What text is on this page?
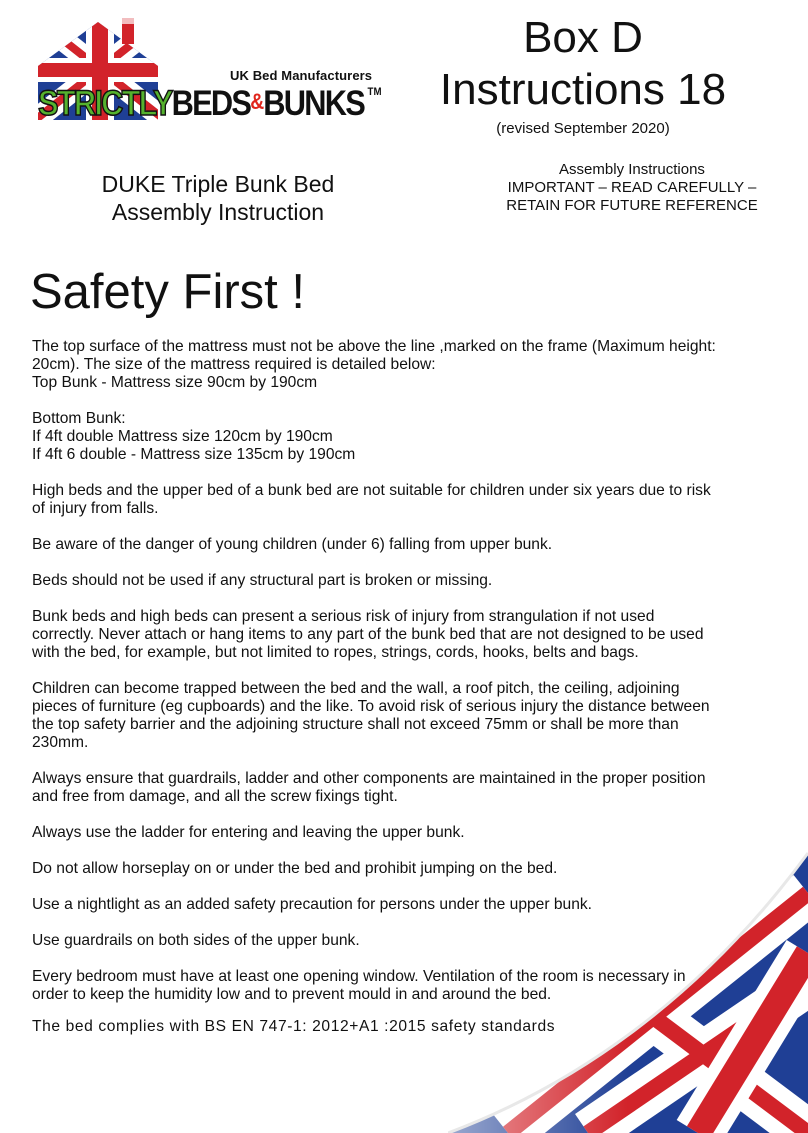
UK Bed Manufacturers
STRICTLYBEDS&BUNKS ™
Box D
Instructions 18
(revised September 2020)
Assembly Instructions
IMPORTANT – READ CAREFULLY –
RETAIN FOR FUTURE REFERENCE
DUKE Triple Bunk Bed
Assembly Instruction
Safety First !

The top surface of the mattress must not be above the line ,marked on the frame (Maximum height:
20cm). The size of the mattress required is detailed below:
Top Bunk - Mattress size 90cm by 190cm

Bottom Bunk:
If 4ft double Mattress size 120cm by 190cm
If 4ft 6 double - Mattress size 135cm by 190cm

High beds and the upper bed of a bunk bed are not suitable for children under six years due to risk
of injury from falls.

Be aware of the danger of young children (under 6) falling from upper bunk.

Beds should not be used if any structural part is broken or missing.

Bunk beds and high beds can present a serious risk of injury from strangulation if not used
correctly. Never attach or hang items to any part of the bunk bed that are not designed to be used
with the bed, for example, but not limited to ropes, strings, cords, hooks, belts and bags.

Children can become trapped between the bed and the wall, a roof pitch, the ceiling, adjoining
pieces of furniture (eg cupboards) and the like. To avoid risk of serious injury the distance between
the top safety barrier and the adjoining structure shall not exceed 75mm or shall be more than
230mm.

Always ensure that guardrails, ladder and other components are maintained in the proper position
and free from damage, and all the screw fixings tight.

Always use the ladder for entering and leaving the upper bunk.

Do not allow horseplay on or under the bed and prohibit jumping on the bed.

Use a nightlight as an added safety precaution for persons under the upper bunk.

Use guardrails on both sides of the upper bunk.

Every bedroom must have at least one opening window. Ventilation of the room is necessary in
order to keep the humidity low and to prevent mould in and around the bed.

The bed complies with BS EN 747-1: 2012+A1 :2015 safety standards
